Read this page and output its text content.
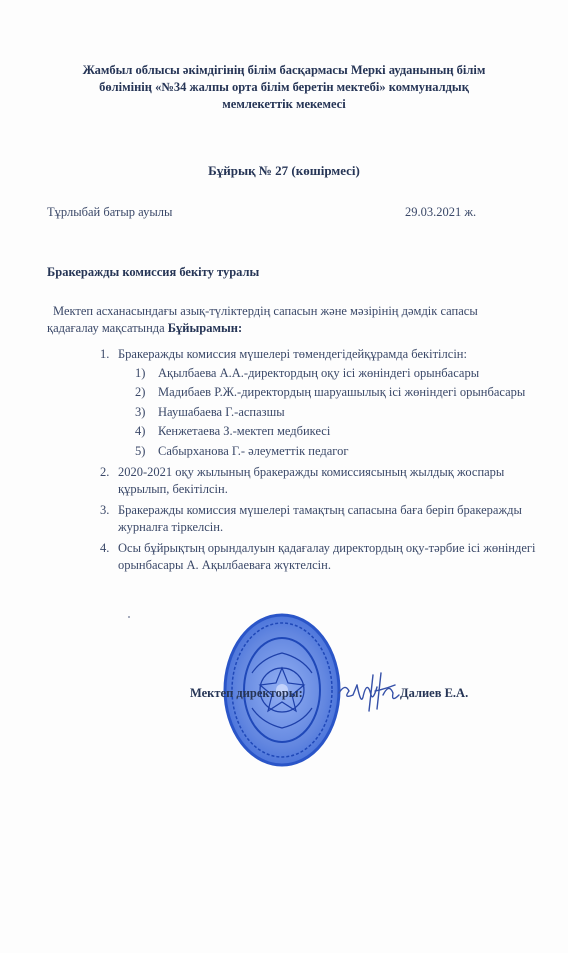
Жамбыл облысы әкімдігінің білім басқармасы Меркі ауданының білім
бөлімінің «№34 жалпы орта білім беретін мектебі» коммуналдық
мемлекеттік мекемесі
Бұйрық № 27 (көшірмесі)
Тұрлыбай батыр ауылы	29.03.2021 ж.
Бракеражды комиссия бекіту туралы
Мектеп асханасындағы азық-түліктердің сапасын және мәзірінің дәмдік сапасы
қадағалау мақсатында Бұйырамын:
1. Бракеражды комиссия мүшелері төмендегідейқұрамда бекітілсін:
1) Ақылбаева А.А.-директордың оқу ісі жөніндегі орынбасары
2) Мадибаев Р.Ж.-директордың шаруашылық ісі жөніндегі орынбасары
3) Наушабаева Г.-аспазшы
4) Кенжетаева З.-мектеп медбикесі
5) Сабырханова Г.- әлеуметтік педагог
2. 2020-2021 оқу жылының бракеражды комиссиясының жылдық жоспары құрылып, бекітілсін.
3. Бракеражды комиссия мүшелері тамақтың сапасына баға беріп бракеражды журналға тіркелсін.
4. Осы бұйрықтың орындалуын қадағалау директордың оқу-тәрбие ісі жөніндегі орынбасары А. Ақылбаеваға жүктелсін.
Мектеп директоры:	Далиев Е.А.
